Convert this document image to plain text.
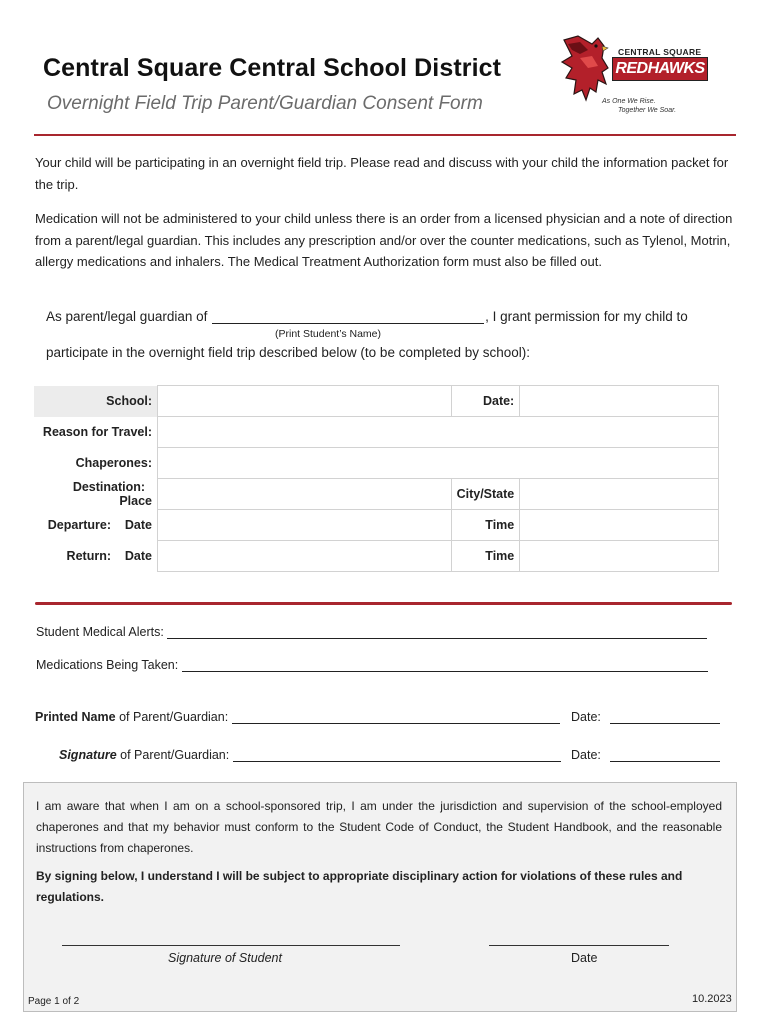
Central Square Central School District
Overnight Field Trip Parent/Guardian Consent Form
CENTRAL SQUARE
REDHAWKS
As One We Rise.
Together We Soar.
Your child will be participating in an overnight field trip. Please read and discuss with your child the information packet for the trip.
Medication will not be administered to your child unless there is an order from a licensed physician and a note of direction from a parent/legal guardian. This includes any prescription and/or over the counter medications, such as Tylenol, Motrin, allergy medications and inhalers. The Medical Treatment Authorization form must also be filled out.
As parent/legal guardian of	, I grant permission for my child to
(Print Student’s Name)
participate in the overnight field trip described below (to be completed by school):
School:		Date:	
Reason for Travel:			
Chaperones:			
Destination:   Place		City/State	
Departure: Date		Time	
Return: Date		Time	
Student Medical Alerts:
Medications Being Taken:
Printed Name of Parent/Guardian:	Date:
Signature of Parent/Guardian:	Date:
I am aware that when I am on a school-sponsored trip, I am under the jurisdiction and supervision of the school-employed chaperones and that my behavior must conform to the Student Code of Conduct, the Student Handbook, and the reasonable instructions from chaperones.
By signing below, I understand I will be subject to appropriate disciplinary action for violations of these rules and regulations.
Signature of Student	Date
Page 1 of 2	10.2023
